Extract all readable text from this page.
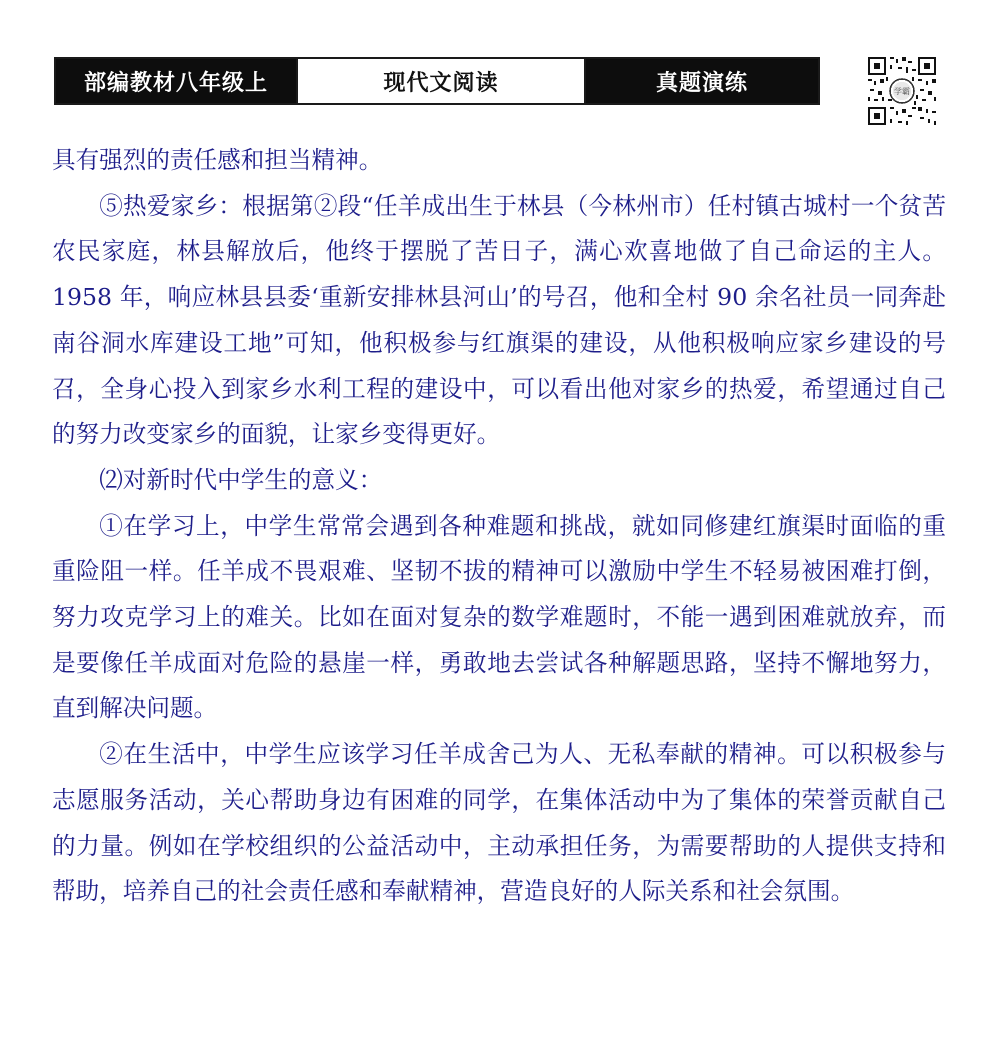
部编教材八年级上	现代文阅读	真题演练	学霸

具有强烈的责任感和担当精神。

⑤热爱家乡：根据第②段“任羊成出生于林县（今林州市）任村镇古城村一个贫苦农民家庭，林县解放后，他终于摆脱了苦日子，满心欢喜地做了自己命运的主人。1958 年，响应林县县委‘重新安排林县河山’的号召，他和全村 90 余名社员一同奔赴南谷洞水库建设工地”可知，他积极参与红旗渠的建设，从他积极响应家乡建设的号召，全身心投入到家乡水利工程的建设中，可以看出他对家乡的热爱，希望通过自己的努力改变家乡的面貌，让家乡变得更好。

⑵对新时代中学生的意义：

①在学习上，中学生常常会遇到各种难题和挑战，就如同修建红旗渠时面临的重重险阻一样。任羊成不畏艰难、坚韧不拔的精神可以激励中学生不轻易被困难打倒，努力攻克学习上的难关。比如在面对复杂的数学难题时，不能一遇到困难就放弃，而是要像任羊成面对危险的悬崖一样，勇敢地去尝试各种解题思路，坚持不懈地努力，直到解决问题。

②在生活中，中学生应该学习任羊成舍己为人、无私奉献的精神。可以积极参与志愿服务活动，关心帮助身边有困难的同学，在集体活动中为了集体的荣誉贡献自己的力量。例如在学校组织的公益活动中，主动承担任务，为需要帮助的人提供支持和帮助，培养自己的社会责任感和奉献精神，营造良好的人际关系和社会氛围。
